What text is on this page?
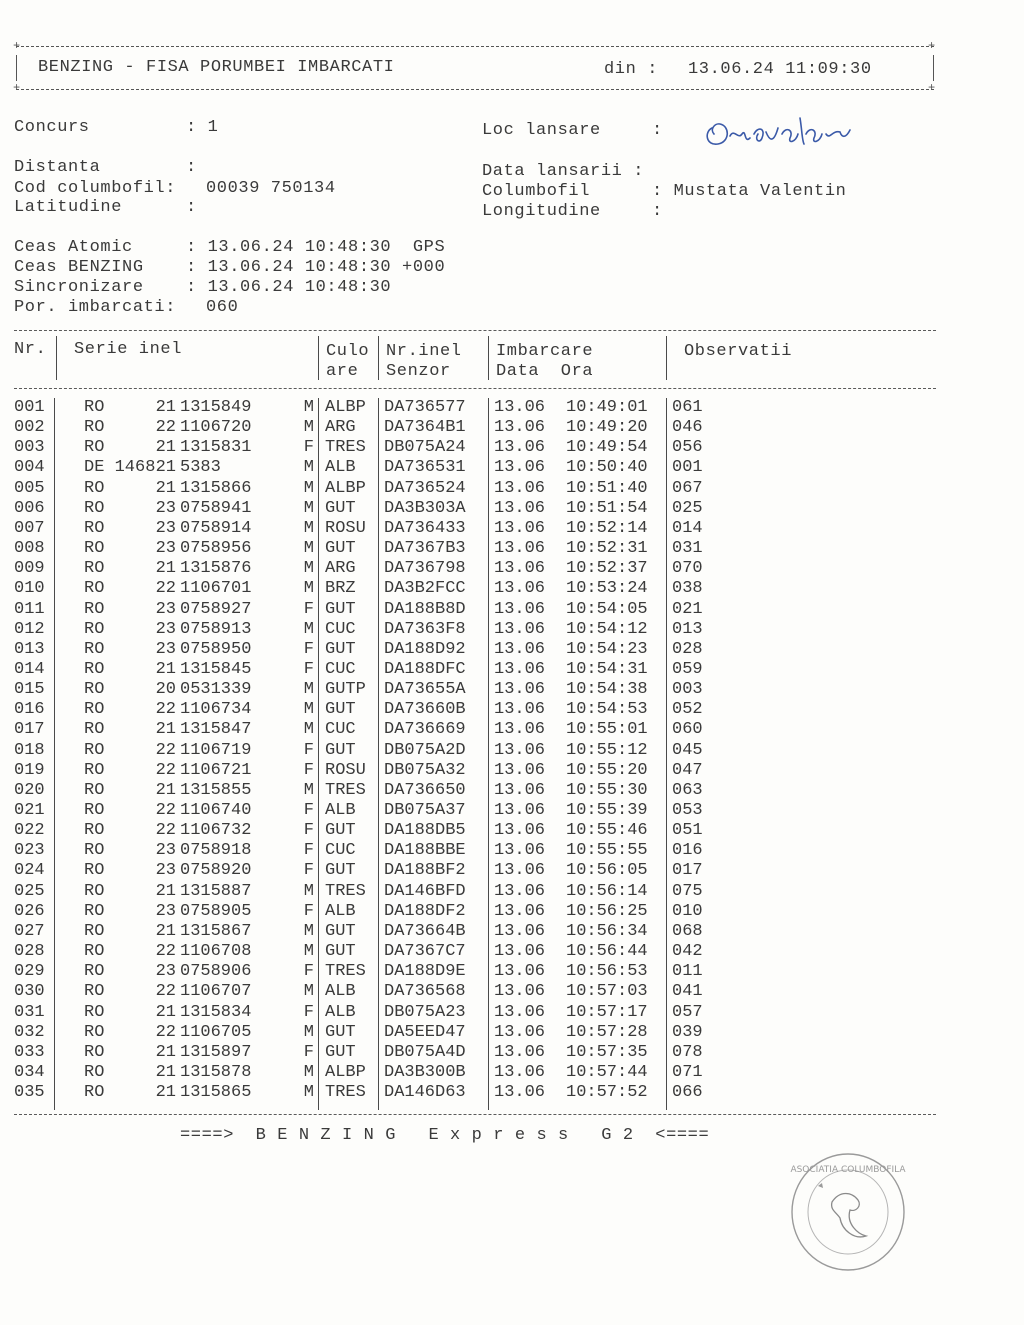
+	+
+	+
BENZING - FISA PORUMBEI IMBARCATI	din : 13.06.24 11:09:30
Concurs	: 1	Loc lansare	:
Orsova
Distanta	:
Cod columbofil: 00039 750134
Latitudine	:
Data lansarii :
Columbofil	: Mustata Valentin
Longitudine	:
Ceas Atomic	: 13.06.24 10:48:30  GPS
Ceas BENZING : 13.06.24 10:48:30 +000
Sincronizare : 13.06.24 10:48:30
Por. imbarcati: 060
Nr. Serie inel	Culo
are
Nr.inel
Senzor
Imbarcare
Data  Ora
Observatii
001 RO	21 1315849	M ALBP DA736577 13.06 10:49:01 061
002 RO	22 1106720	M ARG DA7364B1 13.06 10:49:20 046
003 RO	21 1315831	F TRES DB075A24 13.06 10:49:54 056
004 DE 1468 21 5383	M ALB DA736531 13.06 10:50:40 001
005 RO	21 1315866	M ALBP DA736524 13.06 10:51:40 067
006 RO	23 0758941	M GUT DA3B303A 13.06 10:51:54 025
007 RO	23 0758914	M ROSU DA736433 13.06 10:52:14 014
008 RO	23 0758956	M GUT DA7367B3 13.06 10:52:31 031
009 RO	21 1315876	M ARG DA736798 13.06 10:52:37 070
010 RO	22 1106701	M BRZ DA3B2FCC 13.06 10:53:24 038
011 RO	23 0758927	F GUT DA188B8D 13.06 10:54:05 021
012 RO	23 0758913	M CUC DA7363F8 13.06 10:54:12 013
013 RO	23 0758950	F GUT DA188D92 13.06 10:54:23 028
014 RO	21 1315845	F CUC DA188DFC 13.06 10:54:31 059
015 RO	20 0531339	M GUTP DA73655A 13.06 10:54:38 003
016 RO	22 1106734	M GUT DA73660B 13.06 10:54:53 052
017 RO	21 1315847	M CUC DA736669 13.06 10:55:01 060
018 RO	22 1106719	F GUT DB075A2D 13.06 10:55:12 045
019 RO	22 1106721	F ROSU DB075A32 13.06 10:55:20 047
020 RO	21 1315855	M TRES DA736650 13.06 10:55:30 063
021 RO	22 1106740	F ALB DB075A37 13.06 10:55:39 053
022 RO	22 1106732	F GUT DA188DB5 13.06 10:55:46 051
023 RO	23 0758918	F CUC DA188BBE 13.06 10:55:55 016
024 RO	23 0758920	F GUT DA188BF2 13.06 10:56:05 017
025 RO	21 1315887	M TRES DA146BFD 13.06 10:56:14 075
026 RO	23 0758905	F ALB DA188DF2 13.06 10:56:25 010
027 RO	21 1315867	M GUT DA73664B 13.06 10:56:34 068
028 RO	22 1106708	M GUT DA7367C7 13.06 10:56:44 042
029 RO	23 0758906	F TRES DA188D9E 13.06 10:56:53 011
030 RO	22 1106707	M ALB DA736568 13.06 10:57:03 041
031 RO	21 1315834	F ALB DB075A23 13.06 10:57:17 057
032 RO	22 1106705	M GUT DA5EED47 13.06 10:57:28 039
033 RO	21 1315897	F GUT DB075A4D 13.06 10:57:35 078
034 RO	21 1315878	M ALBP DA3B300B 13.06 10:57:44 071
035 RO	21 1315865	M TRES DA146D63 13.06 10:57:52 066
====>  B E N Z I N G   E x p r e s s   G 2  <====
ASOCIATIA COLUMBOFILA
